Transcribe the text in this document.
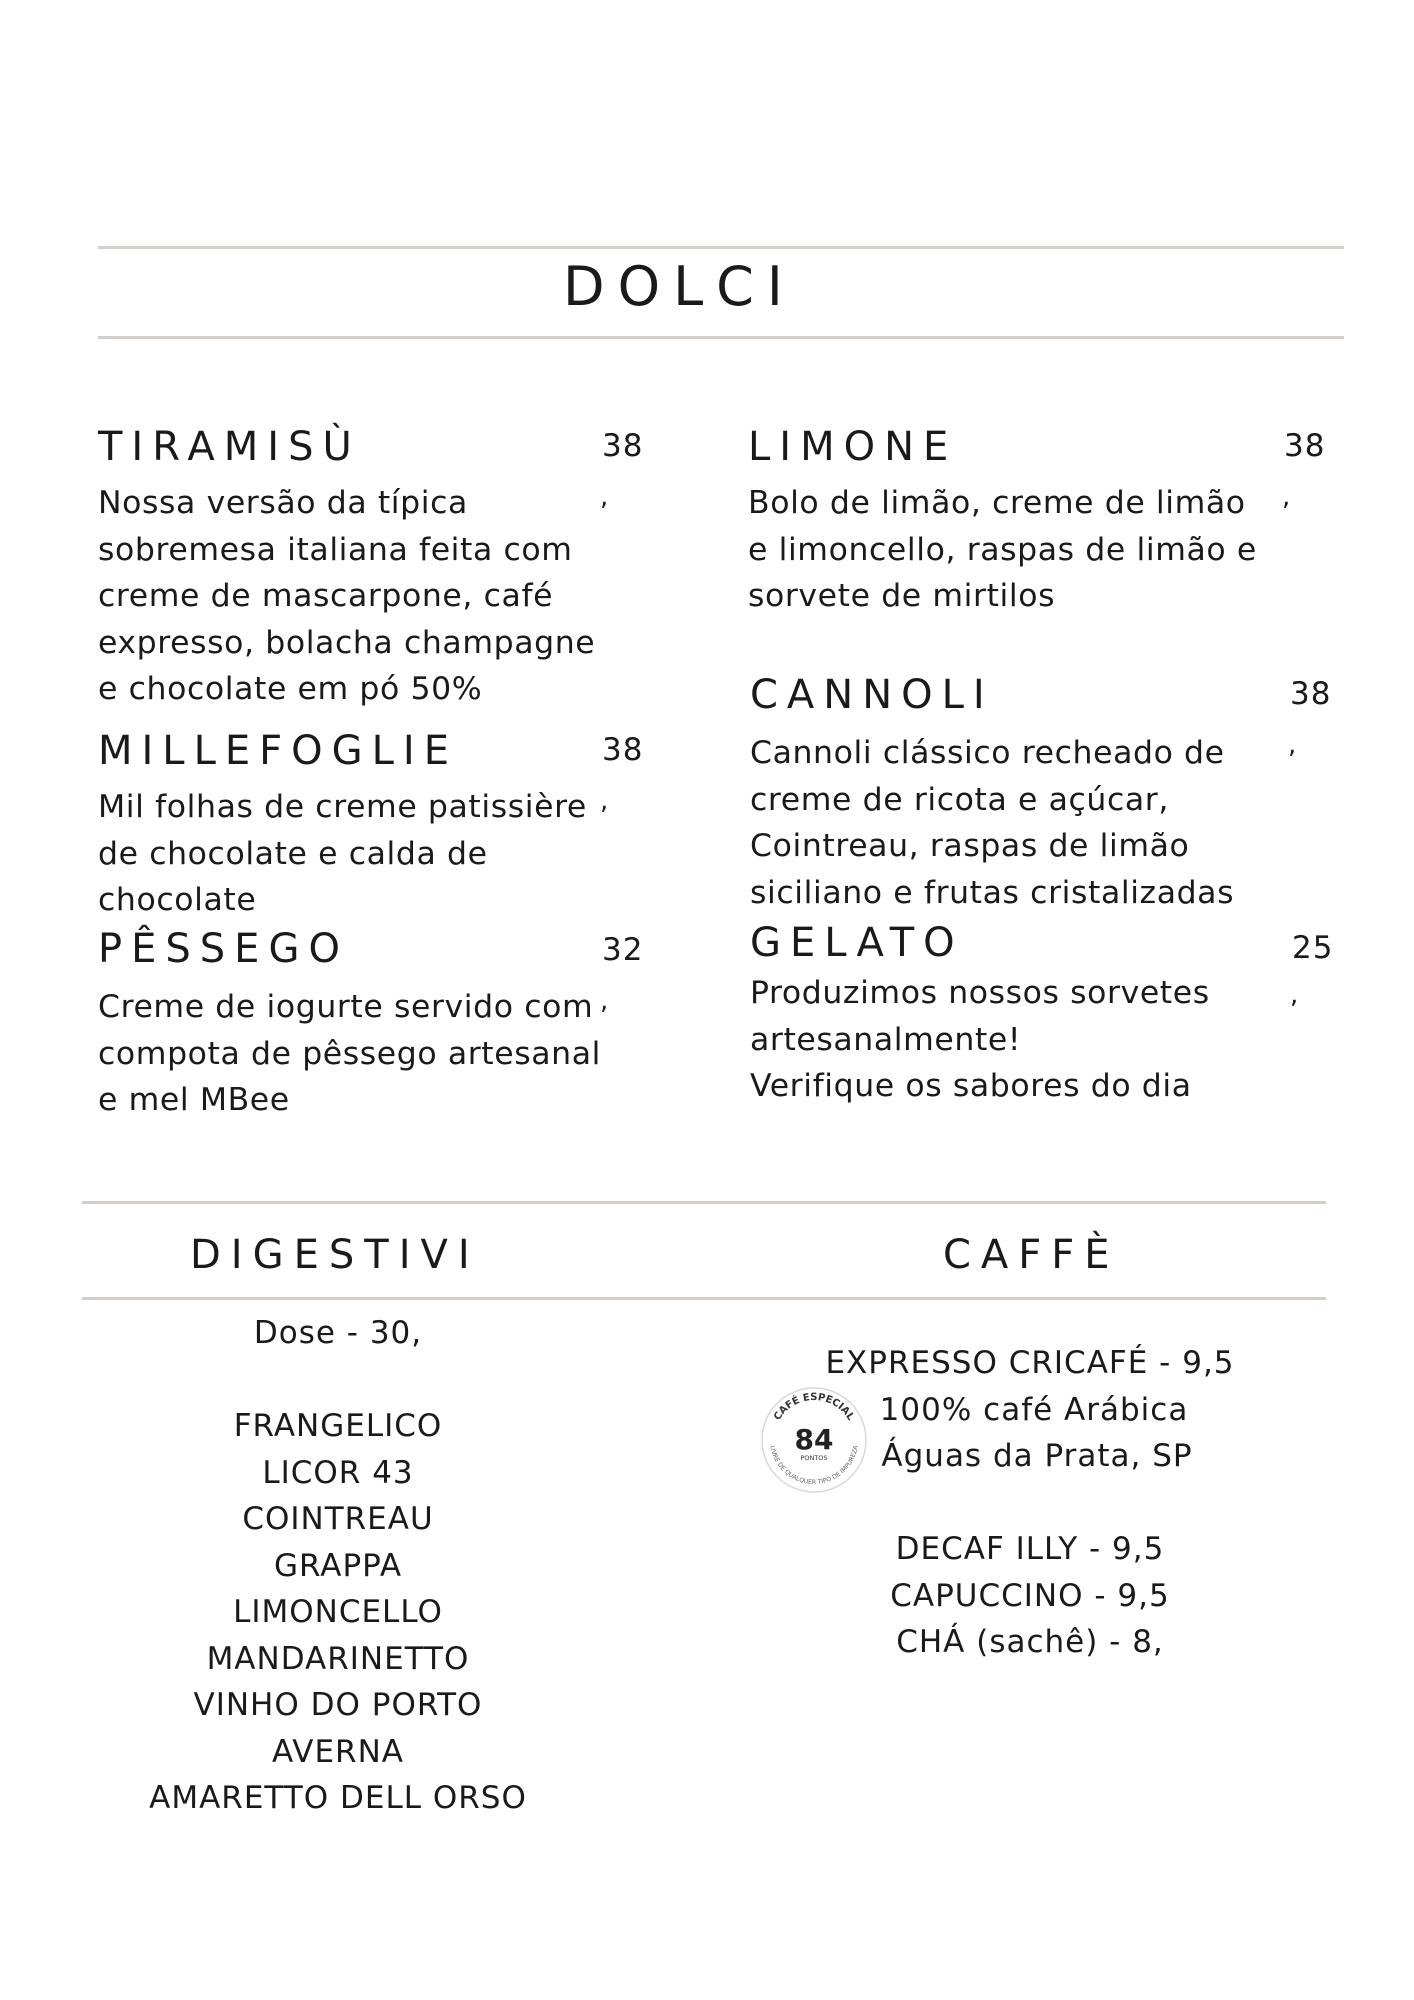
DOLCI
TIRAMISÙ	38
,
Nossa versão da típica
sobremesa italiana feita com
creme de mascarpone, café
expresso, bolacha champagne
e chocolate em pó 50%
MILLEFOGLIE	38
,
Mil folhas de creme patissière
de chocolate e calda de
chocolate
PÊSSEGO	32
,
Creme de iogurte servido com
compota de pêssego artesanal
e mel MBee
LIMONE	38
,
Bolo de limão, creme de limão
e limoncello, raspas de limão e
sorvete de mirtilos
CANNOLI	38
,
Cannoli clássico recheado de
creme de ricota e açúcar,
Cointreau, raspas de limão
siciliano e frutas cristalizadas
GELATO	25
,
Produzimos nossos sorvetes
artesanalmente!
Verifique os sabores do dia
DIGESTIVI	CAFFÈ
Dose - 30,
FRANGELICO
LICOR 43
COINTREAU
GRAPPA
LIMONCELLO
MANDARINETTO
VINHO DO PORTO
AVERNA
AMARETTO DELL ORSO
EXPRESSO CRICAFÉ - 9,5
100% café Arábica
Águas da Prata, SP
DECAF ILLY - 9,5
CAPUCCINO - 9,5
CHÁ (sachê) - 8,
CAFÉ ESPECIAL
LIVRE DE QUALQUER TIPO DE IMPUREZA
84
PONTOS
